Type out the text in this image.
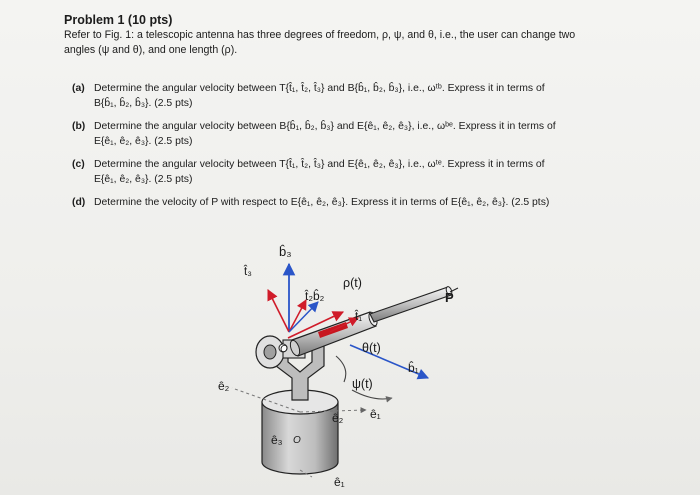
Problem 1 (10 pts)
Refer to Fig. 1: a telescopic antenna has three degrees of freedom, ρ, ψ, and θ, i.e., the user can change two
angles (ψ and θ), and one length (ρ).
(a) Determine the angular velocity between T{t̂₁, t̂₂, t̂₃} and B{b̂₁, b̂₂, b̂₃}, i.e., ωᵗᵇ. Express it in terms of
B{b̂₁, b̂₂, b̂₃}. (2.5 pts)
(b) Determine the angular velocity between B{b̂₁, b̂₂, b̂₃} and E{ê₁, ê₂, ê₃}, i.e., ωᵇᵉ. Express it in terms of
E{ê₁, ê₂, ê₃}. (2.5 pts)
(c) Determine the angular velocity between T{t̂₁, t̂₂, t̂₃} and E{ê₁, ê₂, ê₃}, i.e., ωᵗᵉ. Express it in terms of
E{ê₁, ê₂, ê₃}. (2.5 pts)
(d) Determine the velocity of P with respect to E{ê₁, ê₂, ê₃}. Express it in terms of E{ê₁, ê₂, ê₃}. (2.5 pts)
b̂₃
t̂₃
t̂₂b̂₂
ρ(t)
t̂₁
P
O	θ(t)
b̂₁
ê₂	ψ(t)
ê₂ ê₁
ê₃ O
ê₁
